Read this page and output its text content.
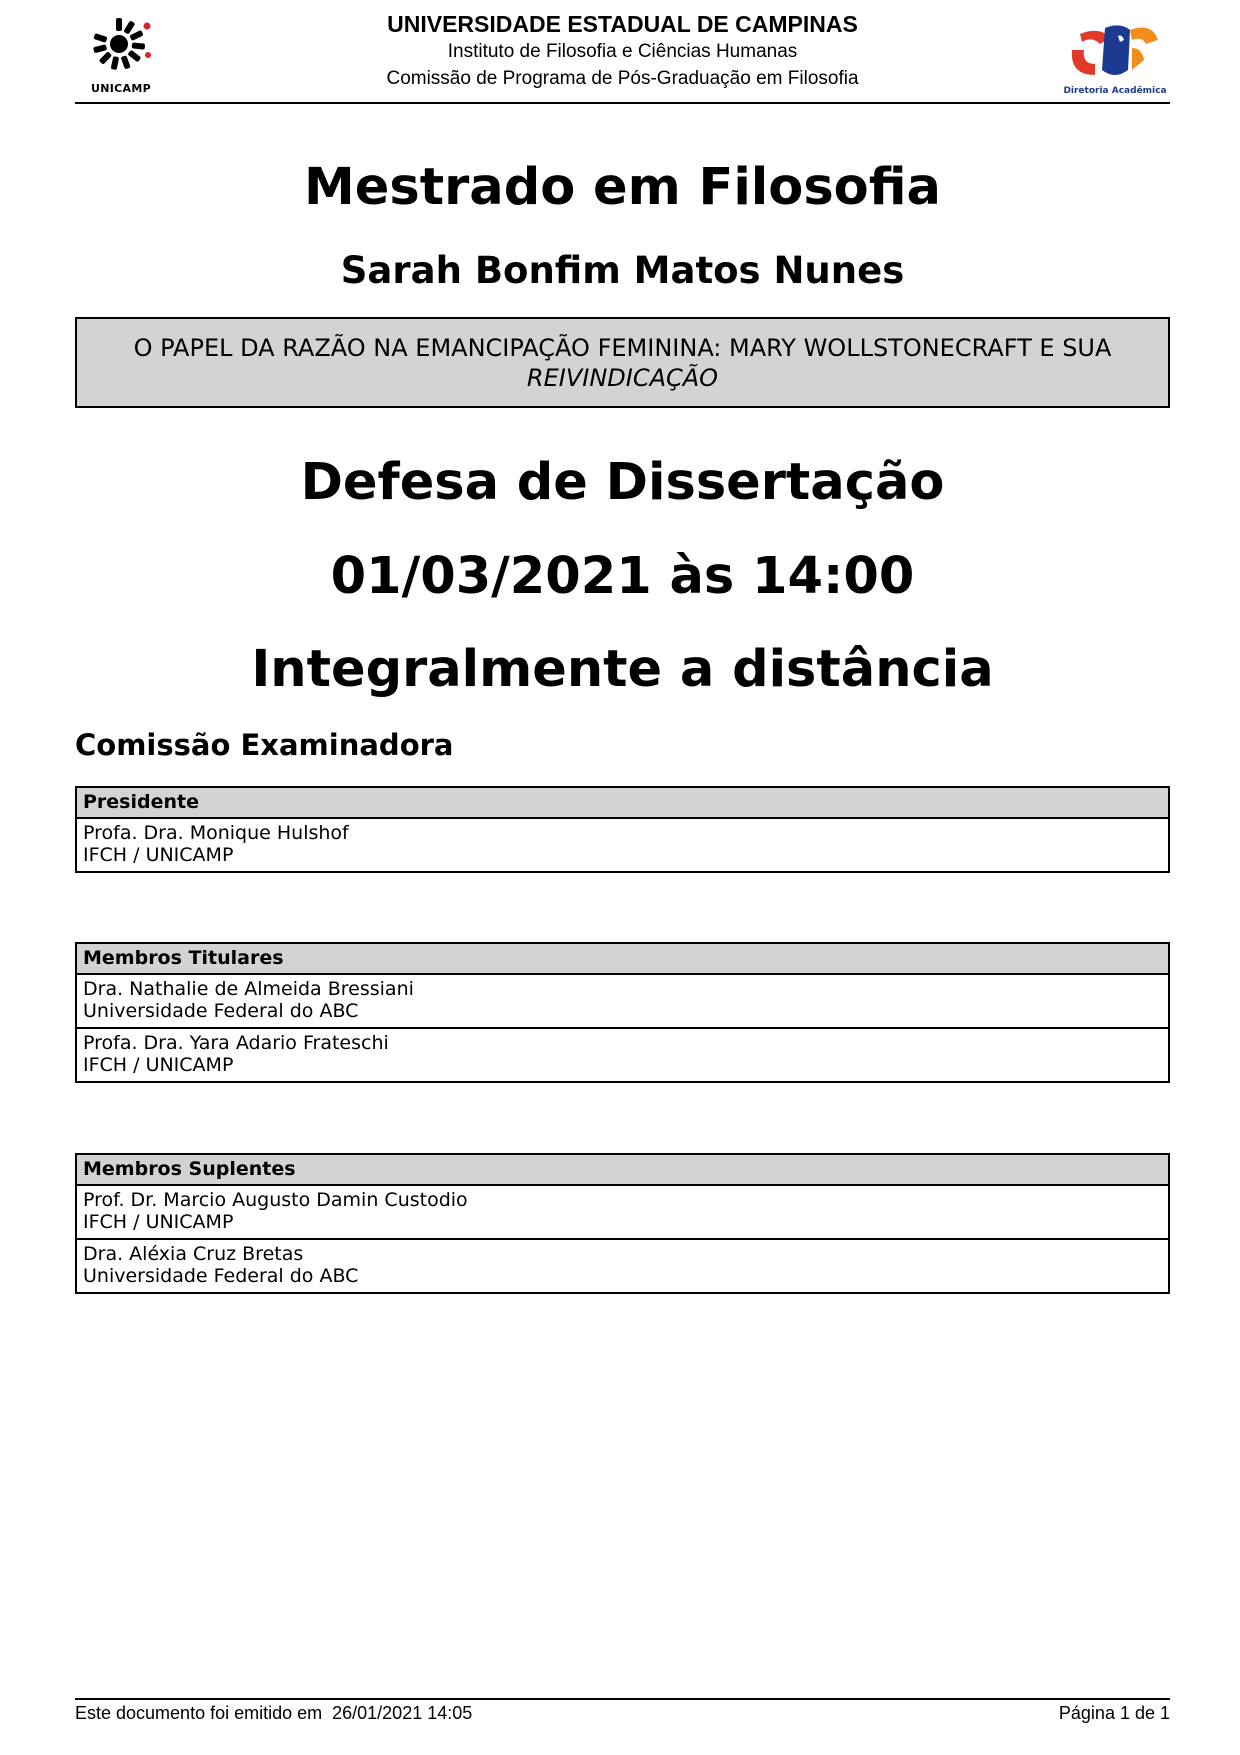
UNICAMP
UNIVERSIDADE ESTADUAL DE CAMPINAS
Instituto de Filosofia e Ciências Humanas
Comissão de Programa de Pós-Graduação em Filosofia
Diretoria Acadêmica
Mestrado em Filosofia
Sarah Bonfim Matos Nunes
O PAPEL DA RAZÃO NA EMANCIPAÇÃO FEMININA: MARY WOLLSTONECRAFT E SUA
REIVINDICAÇÃO
Defesa de Dissertação
01/03/2021 às 14:00
Integralmente a distância
Comissão Examinadora
Presidente
Profa. Dra. Monique Hulshof
IFCH / UNICAMP
Membros Titulares
Dra. Nathalie de Almeida Bressiani
Universidade Federal do ABC
Profa. Dra. Yara Adario Frateschi
IFCH / UNICAMP
Membros Suplentes
Prof. Dr. Marcio Augusto Damin Custodio
IFCH / UNICAMP
Dra. Aléxia Cruz Bretas
Universidade Federal do ABC
Este documento foi emitido em  26/01/2021 14:05	Página 1 de 1
